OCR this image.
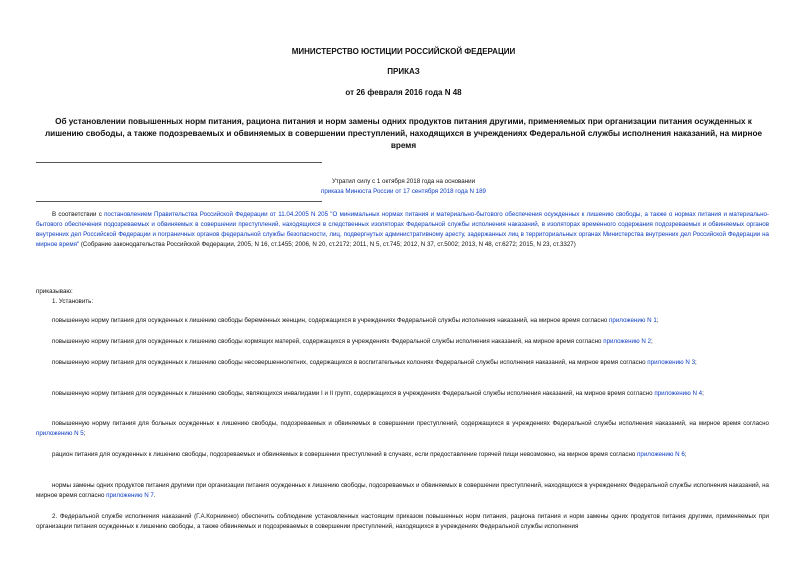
МИНИСТЕРСТВО ЮСТИЦИИ РОССИЙСКОЙ ФЕДЕРАЦИИ
ПРИКАЗ
от 26 февраля 2016 года N 48
Об установлении повышенных норм питания, рациона питания и норм замены одних продуктов питания другими, применяемых при организации питания осужденных к лишению свободы, а также подозреваемых и обвиняемых в совершении преступлений, находящихся в учреждениях Федеральной службы исполнения наказаний, на мирное время
Утратил силу с 1 октября 2018 года на основании
приказа Минюста России от 17 сентября 2018 года N 189
В соответствии с постановлением Правительства Российской Федерации от 11.04.2005 N 205 "О минимальных нормах питания и материально-бытового обеспечения осужденных к лишению свободы, а также о нормах питания и материально-бытового обеспечения подозреваемых и обвиняемых в совершении преступлений, находящихся в следственных изоляторах Федеральной службы исполнения наказаний, в изоляторах временного содержания подозреваемых и обвиняемых органов внутренних дел Российской Федерации и пограничных органов федеральной службы безопасности, лиц, подвергнутых административному аресту, задержанных лиц в территориальных органах Министерства внутренних дел Российской Федерации на мирное время" (Собрание законодательства Российской Федерации, 2005, N 16, ст.1455; 2006, N 20, ст.2172; 2011, N 5, ст.745; 2012, N 37, ст.5002; 2013, N 48, ст.6272; 2015, N 23, ст.3327)
приказываю:
1. Установить:
повышенную норму питания для осужденных к лишению свободы беременных женщин, содержащихся в учреждениях Федеральной службы исполнения наказаний, на мирное время согласно приложению N 1;
повышенную норму питания для осужденных к лишению свободы кормящих матерей, содержащихся в учреждениях Федеральной службы исполнения наказаний, на мирное время согласно приложению N 2;
повышенную норму питания для осужденных к лишению свободы несовершеннолетних, содержащихся в воспитательных колониях Федеральной службы исполнения наказаний, на мирное время согласно приложению N 3;
повышенную норму питания для осужденных к лишению свободы, являющихся инвалидами I и II групп, содержащихся в учреждениях Федеральной службы исполнения наказаний, на мирное время согласно приложению N 4;
повышенную норму питания для больных осужденных к лишению свободы, подозреваемых и обвиняемых в совершении преступлений, содержащихся в учреждениях Федеральной службы исполнения наказаний, на мирное время согласно приложению N 5;
рацион питания для осужденных к лишению свободы, подозреваемых и обвиняемых в совершении преступлений в случаях, если предоставление горячей пищи невозможно, на мирное время согласно приложению N 6;
нормы замены одних продуктов питания другими при организации питания осужденных к лишению свободы, подозреваемых и обвиняемых в совершении преступлений, находящихся в учреждениях Федеральной службы исполнения наказаний, на мирное время согласно приложению N 7.
2. Федеральной службе исполнения наказаний (Г.А.Корниенко) обеспечить соблюдение установленных настоящим приказом повышенных норм питания, рациона питания и норм замены одних продуктов питания другими, применяемых при организации питания осужденных к лишению свободы, а также обвиняемых и подозреваемых в совершении преступлений, находящихся в учреждениях Федеральной службы исполнения
